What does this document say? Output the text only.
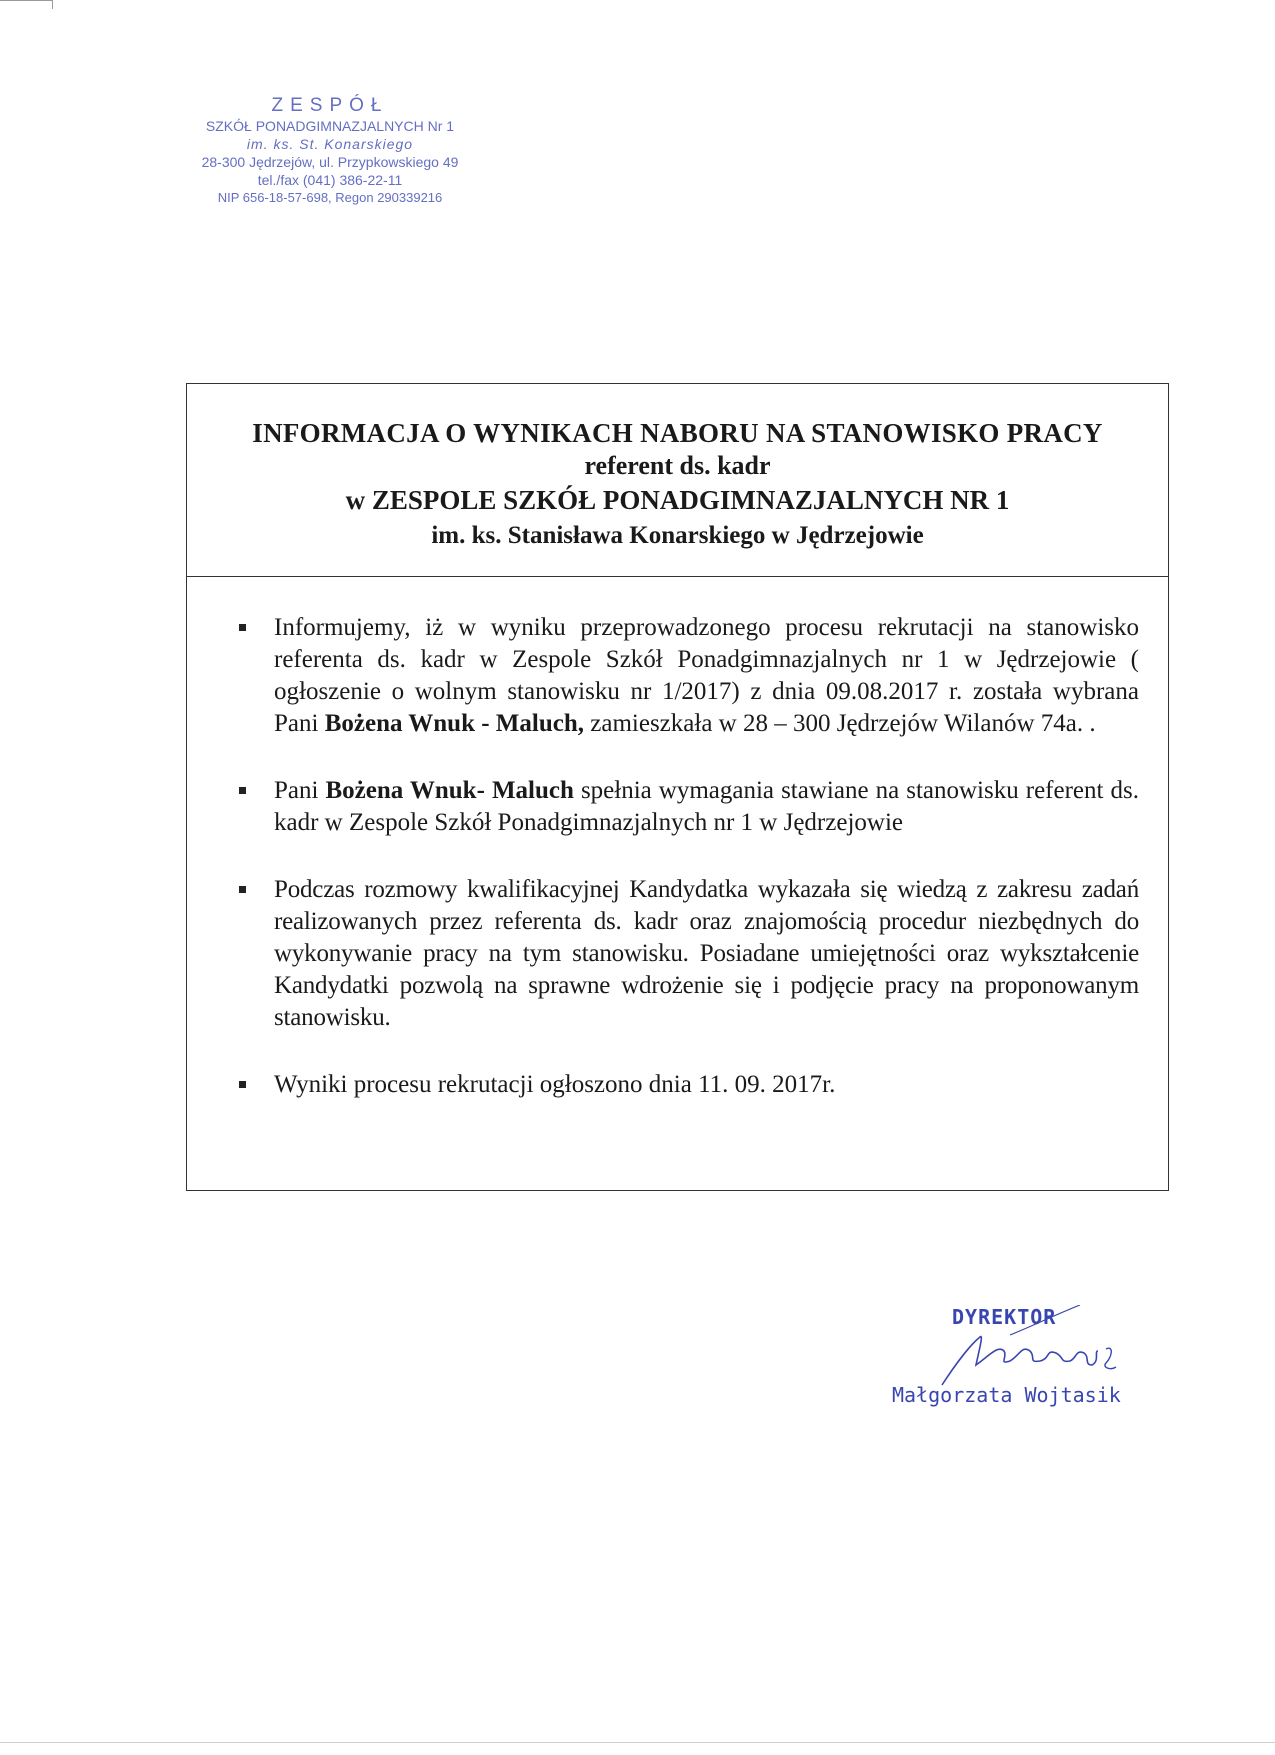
ZESPÓŁ
SZKÓŁ PONADGIMNAZJALNYCH Nr 1
im. ks. St. Konarskiego
28-300 Jędrzejów, ul. Przypkowskiego 49
tel./fax (041) 386-22-11
NIP 656-18-57-698, Regon 290339216
INFORMACJA O WYNIKACH NABORU NA STANOWISKO PRACY
referent ds. kadr
w ZESPOLE SZKÓŁ PONADGIMNAZJALNYCH NR 1
im. ks. Stanisława Konarskiego w Jędrzejowie
Informujemy, iż w wyniku przeprowadzonego procesu rekrutacji na stanowisko referenta ds. kadr w Zespole Szkół Ponadgimnazjalnych nr 1 w Jędrzejowie ( ogłoszenie o wolnym stanowisku nr 1/2017) z dnia 09.08.2017 r. została wybrana Pani Bożena Wnuk - Maluch, zamieszkała w 28 – 300 Jędrzejów Wilanów 74a. .
Pani Bożena Wnuk- Maluch spełnia wymagania stawiane na stanowisku referent ds. kadr w Zespole Szkół Ponadgimnazjalnych nr 1 w Jędrzejowie
Podczas rozmowy kwalifikacyjnej Kandydatka wykazała się wiedzą z zakresu zadań realizowanych przez referenta ds. kadr oraz znajomością procedur niezbędnych do wykonywanie pracy na tym stanowisku. Posiadane umiejętności oraz wykształcenie Kandydatki pozwolą na sprawne wdrożenie się i podjęcie pracy na proponowanym stanowisku.
Wyniki procesu rekrutacji ogłoszono dnia 11. 09. 2017r.
DYREKTOR
Małgorzata Wojtasik
